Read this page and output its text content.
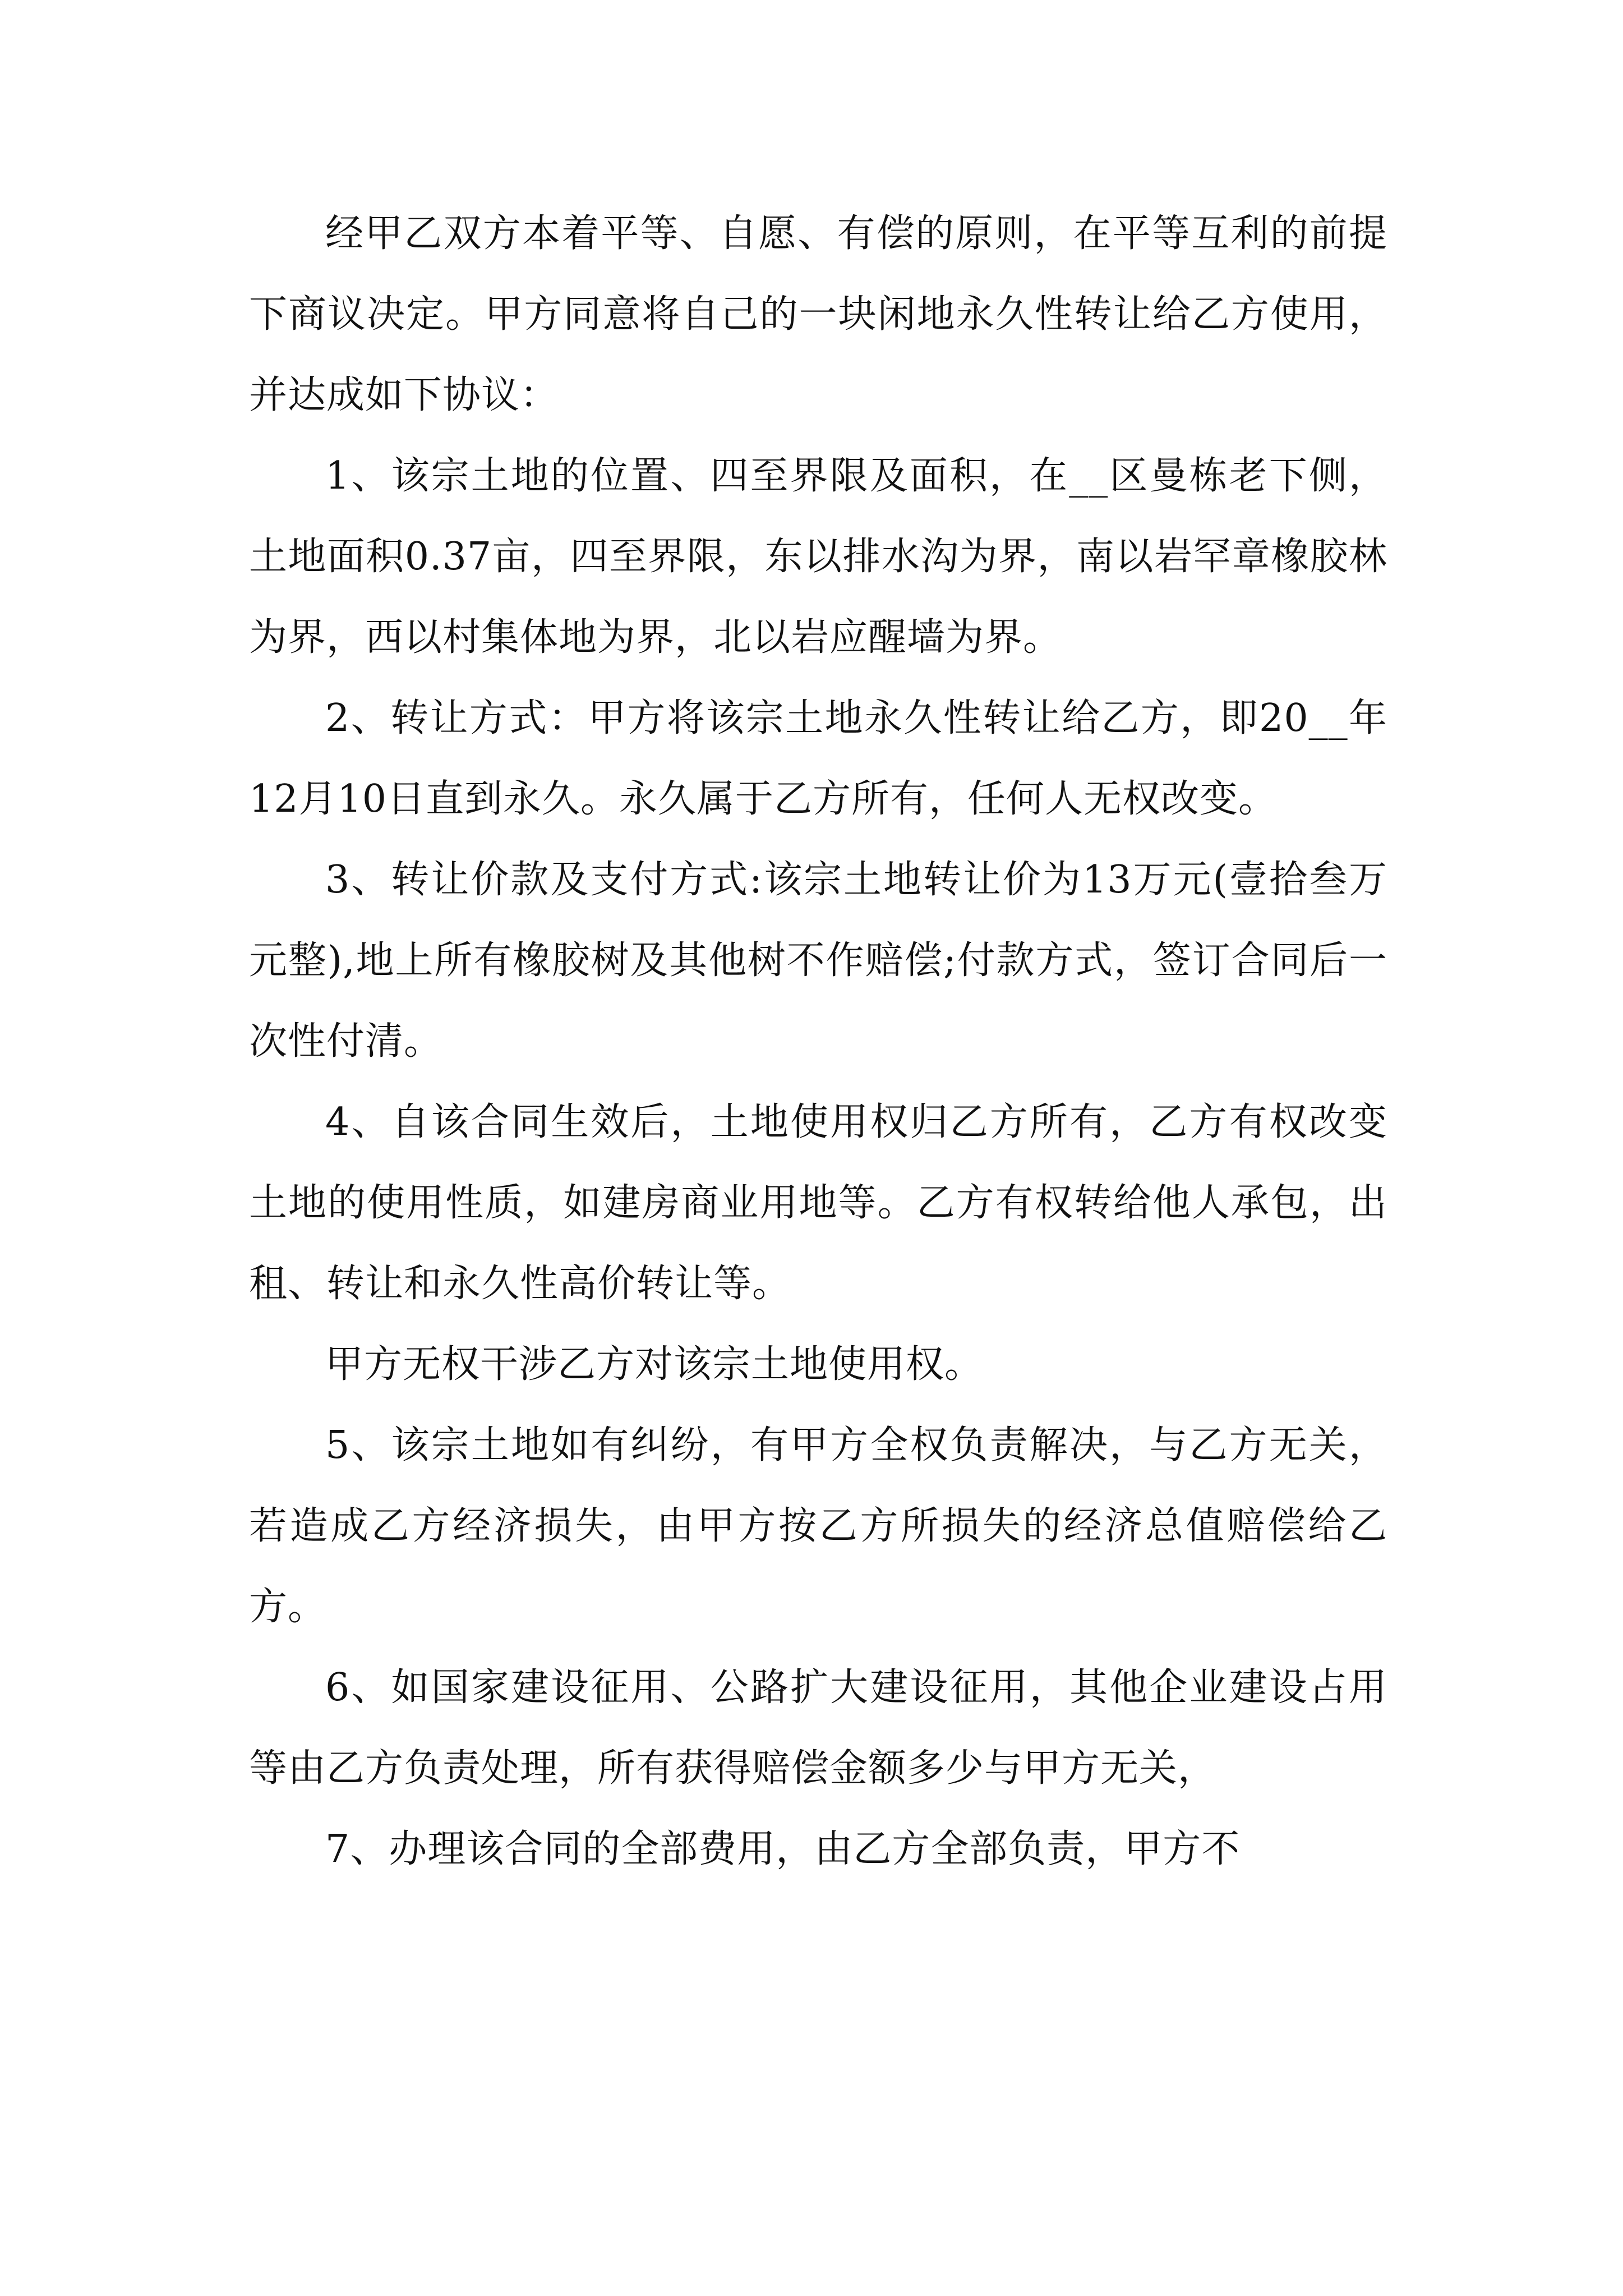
经甲乙双方本着平等、自愿、有偿的原则，在平等互利的前提下商议决定。甲方同意将自己的一块闲地永久性转让给乙方使用，并达成如下协议：

1、该宗土地的位置、四至界限及面积，在__区曼栋老下侧，土地面积0.37亩，四至界限，东以排水沟为界，南以岩罕章橡胶林为界，西以村集体地为界，北以岩应醒墙为界。

2、转让方式：甲方将该宗土地永久性转让给乙方，即20__年12月10日直到永久。永久属于乙方所有，任何人无权改变。

3、转让价款及支付方式:该宗土地转让价为13万元(壹拾叁万元整),地上所有橡胶树及其他树不作赔偿;付款方式，签订合同后一次性付清。

4、自该合同生效后，土地使用权归乙方所有，乙方有权改变土地的使用性质，如建房商业用地等。乙方有权转给他人承包，出租、转让和永久性高价转让等。

甲方无权干涉乙方对该宗土地使用权。

5、该宗土地如有纠纷，有甲方全权负责解决，与乙方无关，若造成乙方经济损失，由甲方按乙方所损失的经济总值赔偿给乙方。

6、如国家建设征用、公路扩大建设征用，其他企业建设占用等由乙方负责处理，所有获得赔偿金额多少与甲方无关，

7、办理该合同的全部费用，由乙方全部负责，甲方不
